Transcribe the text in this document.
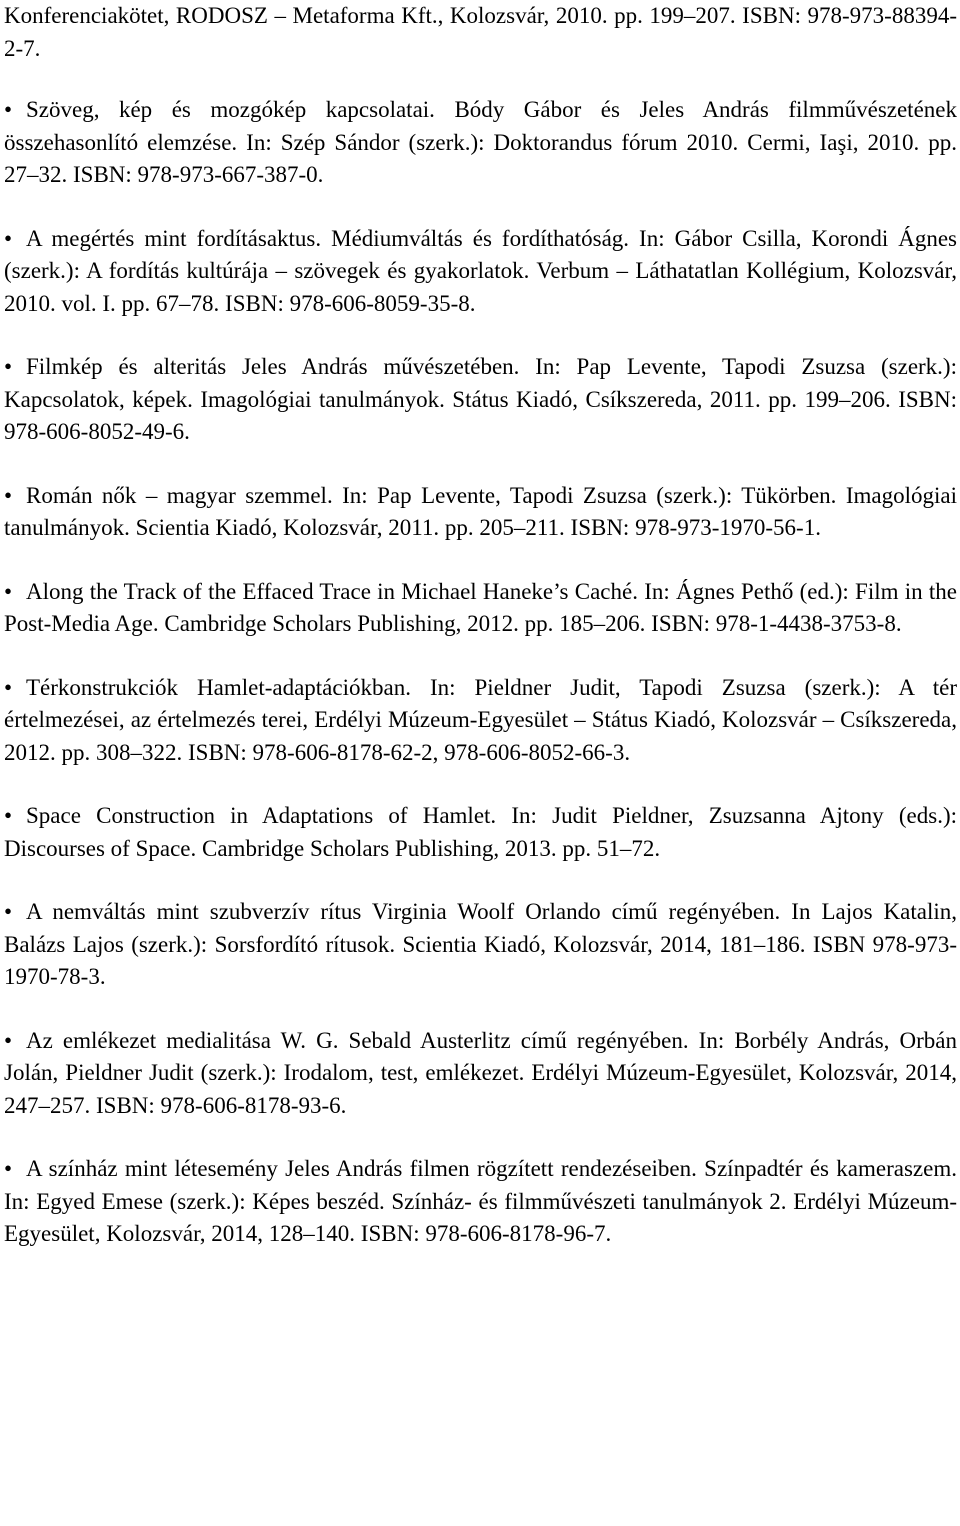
Konferenciakötet, RODOSZ – Metaforma Kft., Kolozsvár, 2010. pp. 199–207. ISBN: 978-973-88394-2-7.

• Szöveg, kép és mozgókép kapcsolatai. Bódy Gábor és Jeles András filmművészetének összehasonlító elemzése. In: Szép Sándor (szerk.): Doktorandus fórum 2010. Cermi, Iaşi, 2010. pp. 27–32. ISBN: 978-973-667-387-0.

• A megértés mint fordításaktus. Médiumváltás és fordíthatóság. In: Gábor Csilla, Korondi Ágnes (szerk.): A fordítás kultúrája – szövegek és gyakorlatok. Verbum – Láthatatlan Kollégium, Kolozsvár, 2010. vol. I. pp. 67–78. ISBN: 978-606-8059-35-8.

• Filmkép és alteritás Jeles András művészetében. In: Pap Levente, Tapodi Zsuzsa (szerk.): Kapcsolatok, képek. Imagológiai tanulmányok. Státus Kiadó, Csíkszereda, 2011. pp. 199–206. ISBN: 978-606-8052-49-6.

• Román nők – magyar szemmel. In: Pap Levente, Tapodi Zsuzsa (szerk.): Tükörben. Imagológiai tanulmányok. Scientia Kiadó, Kolozsvár, 2011. pp. 205–211. ISBN: 978-973-1970-56-1.

• Along the Track of the Effaced Trace in Michael Haneke’s Caché. In: Ágnes Pethő (ed.): Film in the Post-Media Age. Cambridge Scholars Publishing, 2012. pp. 185–206. ISBN: 978-1-4438-3753-8.

• Térkonstrukciók Hamlet-adaptációkban. In: Pieldner Judit, Tapodi Zsuzsa (szerk.): A tér értelmezései, az értelmezés terei, Erdélyi Múzeum-Egyesület – Státus Kiadó, Kolozsvár – Csíkszereda, 2012. pp. 308–322. ISBN: 978-606-8178-62-2, 978-606-8052-66-3.

• Space Construction in Adaptations of Hamlet. In: Judit Pieldner, Zsuzsanna Ajtony (eds.): Discourses of Space. Cambridge Scholars Publishing, 2013. pp. 51–72.

• A nemváltás mint szubverzív rítus Virginia Woolf Orlando című regényében. In Lajos Katalin, Balázs Lajos (szerk.): Sorsfordító rítusok. Scientia Kiadó, Kolozsvár, 2014, 181–186. ISBN 978-973-1970-78-3.

• Az emlékezet medialitása W. G. Sebald Austerlitz című regényében. In: Borbély András, Orbán Jolán, Pieldner Judit (szerk.): Irodalom, test, emlékezet. Erdélyi Múzeum-Egyesület, Kolozsvár, 2014, 247–257. ISBN: 978-606-8178-93-6.

• A színház mint létesemény Jeles András filmen rögzített rendezéseiben. Színpadtér és kameraszem. In: Egyed Emese (szerk.): Képes beszéd. Színház- és filmművészeti tanulmányok 2. Erdélyi Múzeum-Egyesület, Kolozsvár, 2014, 128–140. ISBN: 978-606-8178-96-7.
